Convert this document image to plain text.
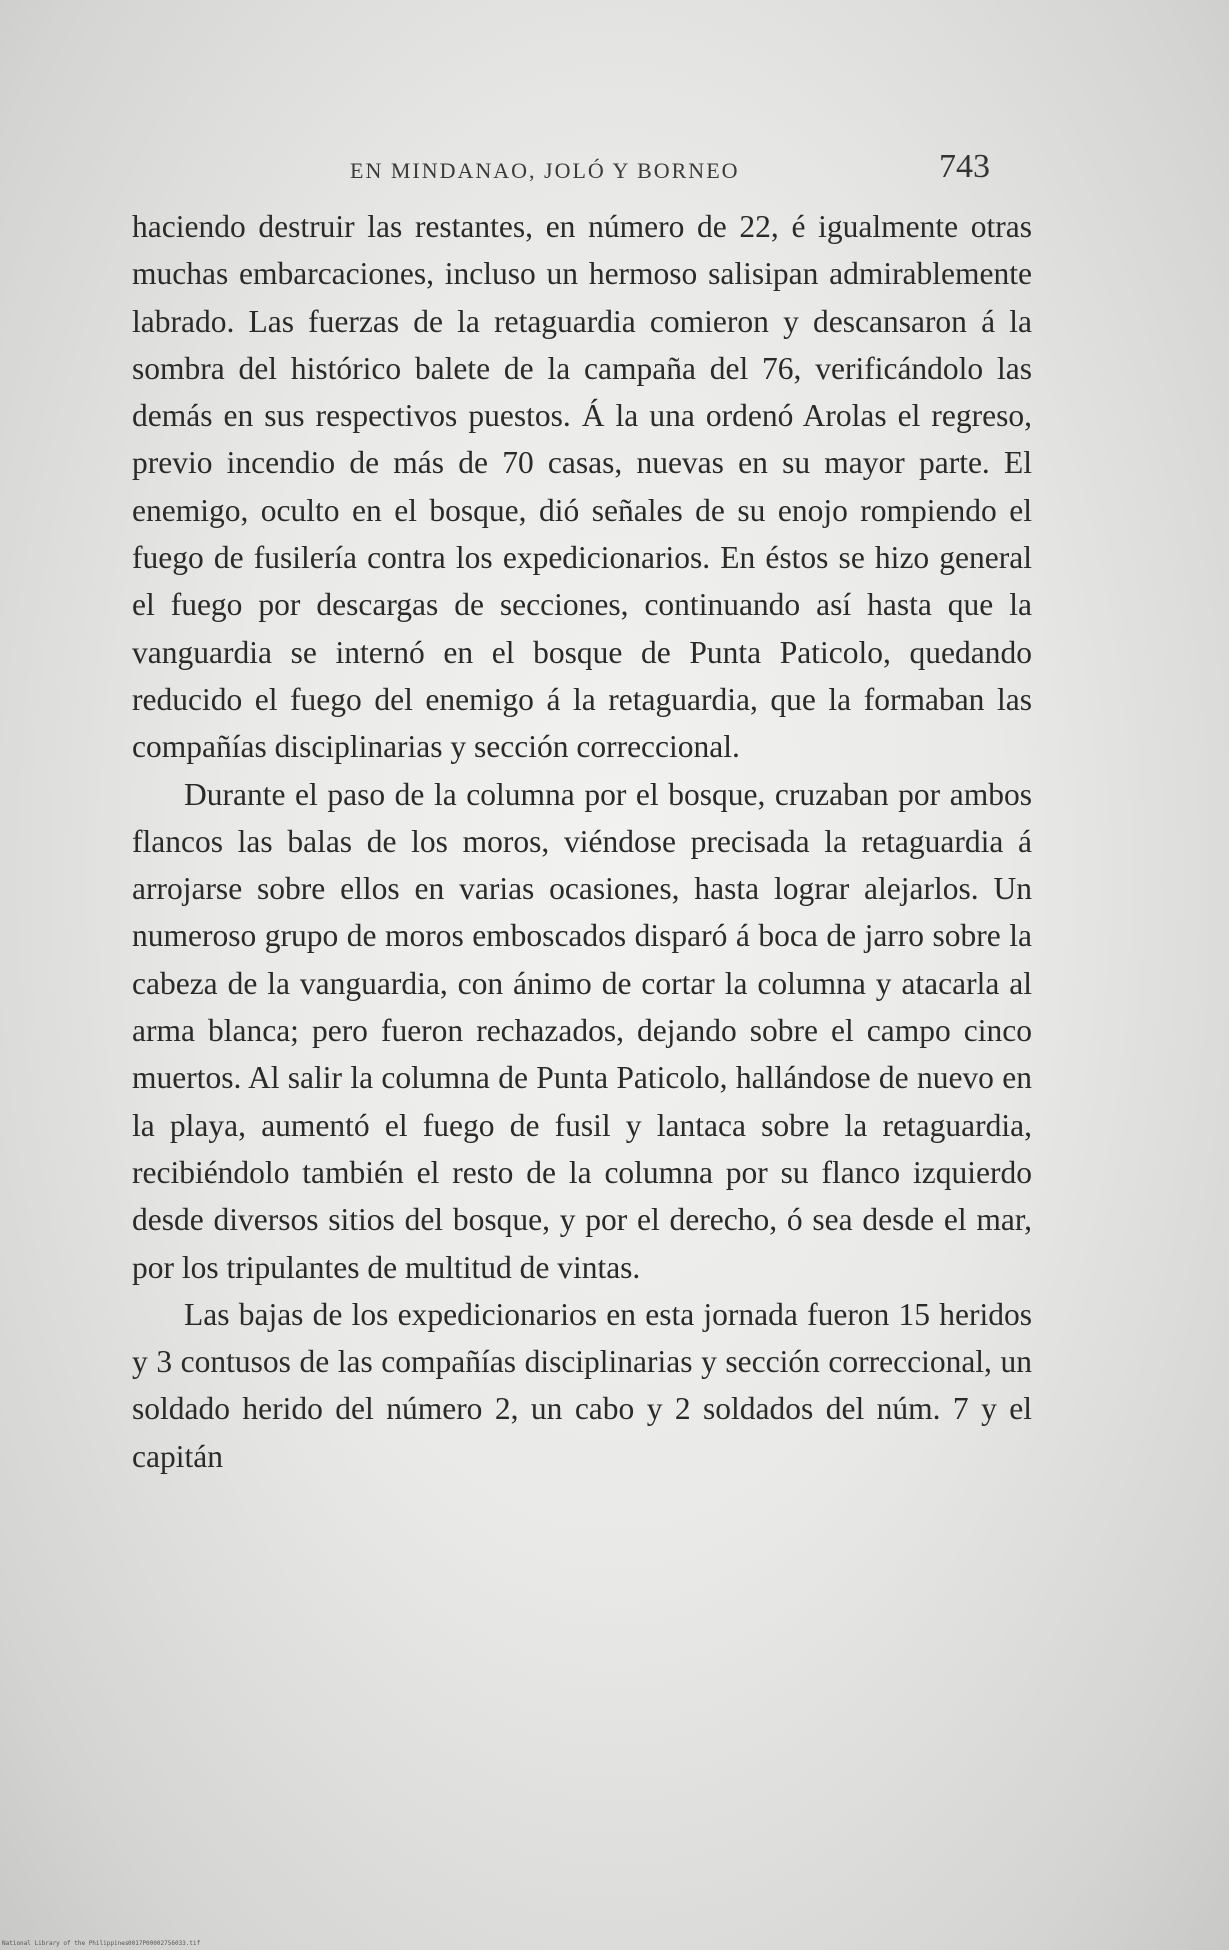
EN MINDANAO, JOLÓ Y BORNEO	743

haciendo destruir las restantes, en número de 22, é igualmente otras muchas embarcaciones, incluso un hermoso salisipan admirablemente labrado. Las fuerzas de la retaguardia comieron y descansaron á la sombra del histórico balete de la campaña del 76, verificándolo las demás en sus respectivos puestos. Á la una ordenó Arolas el regreso, previo incendio de más de 70 casas, nuevas en su mayor parte. El enemigo, oculto en el bosque, dió señales de su enojo rompiendo el fuego de fusilería contra los expedicionarios. En éstos se hizo general el fuego por descargas de secciones, continuando así hasta que la vanguardia se internó en el bosque de Punta Paticolo, quedando reducido el fuego del enemigo á la retaguardia, que la formaban las compañías disciplinarias y sección correccional.

Durante el paso de la columna por el bosque, cruzaban por ambos flancos las balas de los moros, viéndose precisada la retaguardia á arrojarse sobre ellos en varias ocasiones, hasta lograr alejarlos. Un numeroso grupo de moros emboscados disparó á boca de jarro sobre la cabeza de la vanguardia, con ánimo de cortar la columna y atacarla al arma blanca; pero fueron rechazados, dejando sobre el campo cinco muertos. Al salir la columna de Punta Paticolo, hallándose de nuevo en la playa, aumentó el fuego de fusil y lantaca sobre la retaguardia, recibiéndolo también el resto de la columna por su flanco izquierdo desde diversos sitios del bosque, y por el derecho, ó sea desde el mar, por los tripulantes de multitud de vintas.

Las bajas de los expedicionarios en esta jornada fueron 15 heridos y 3 contusos de las compañías disciplinarias y sección correccional, un soldado herido del número 2, un cabo y 2 soldados del núm. 7 y el capitán

National Library of the Philippines 0017P00002756033.tif
